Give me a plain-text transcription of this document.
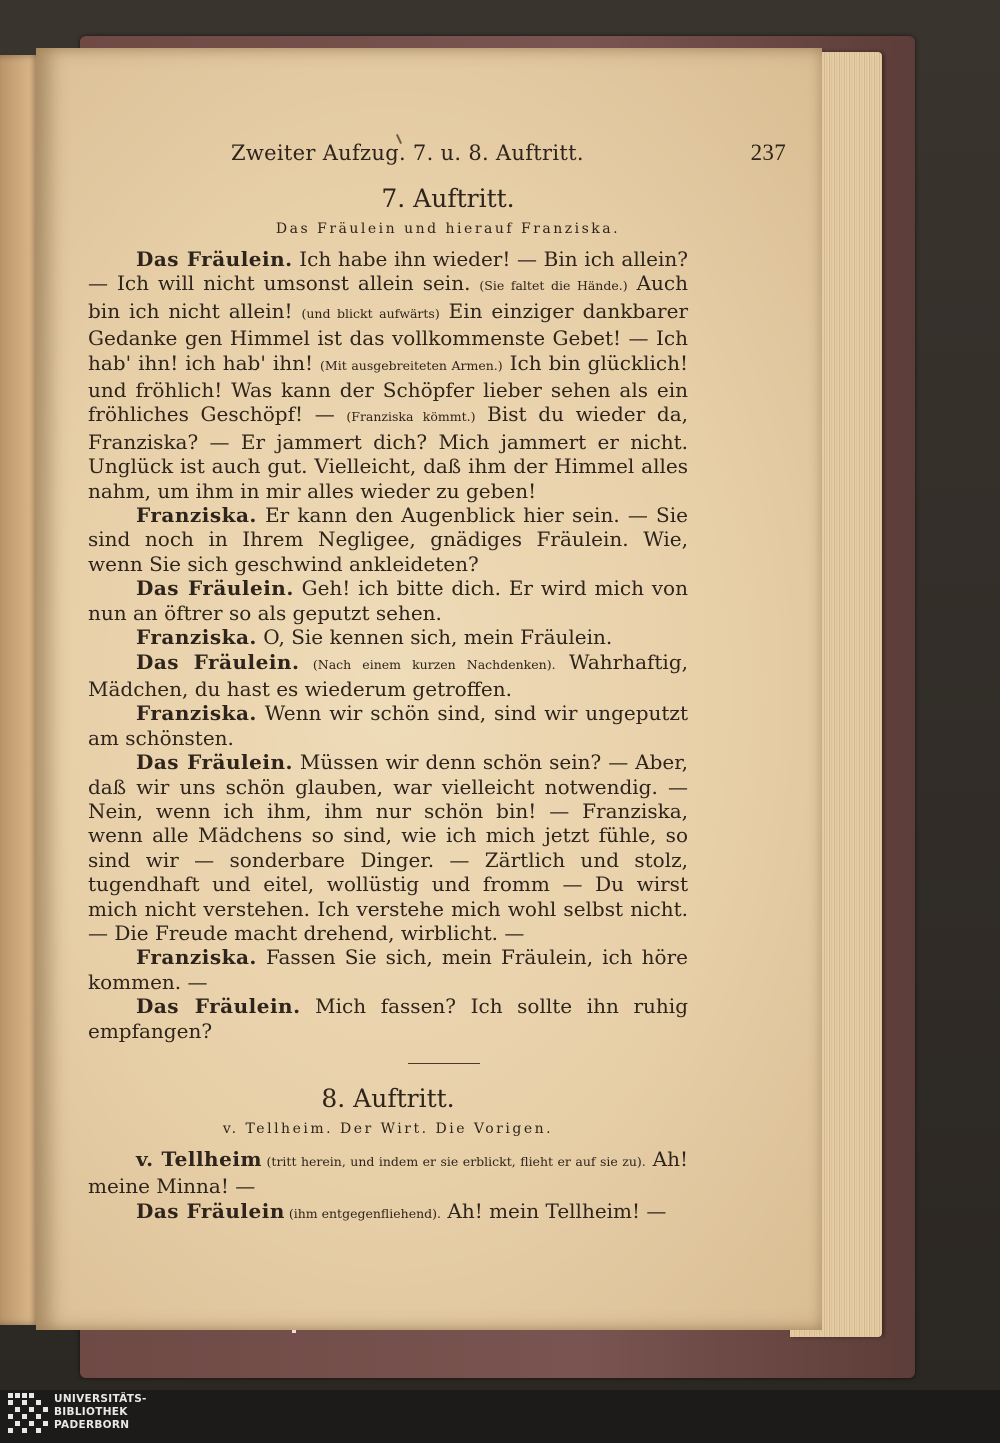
Zweiter Aufzug. 7. u. 8. Auftritt.	237
7. Auftritt.
Das Fräulein und hierauf Franziska.

Das Fräulein. Ich habe ihn wieder! — Bin ich allein? — Ich will nicht umsonst allein sein. (Sie faltet die Hände.) Auch bin ich nicht allein! (und blickt aufwärts) Ein einziger dankbarer Gedanke gen Himmel ist das vollkommenste Gebet! — Ich hab' ihn! ich hab' ihn! (Mit ausgebreiteten Armen.) Ich bin glücklich! und fröhlich! Was kann der Schöpfer lieber sehen als ein fröhliches Geschöpf! — (Franziska kömmt.) Bist du wieder da, Franziska? — Er jammert dich? Mich jammert er nicht. Unglück ist auch gut. Vielleicht, daß ihm der Himmel alles nahm, um ihm in mir alles wieder zu geben!

Franziska. Er kann den Augenblick hier sein. — Sie sind noch in Ihrem Negligee, gnädiges Fräulein. Wie, wenn Sie sich geschwind ankleideten?

Das Fräulein. Geh! ich bitte dich. Er wird mich von nun an öftrer so als geputzt sehen.

Franziska. O, Sie kennen sich, mein Fräulein.

Das Fräulein. (Nach einem kurzen Nachdenken). Wahrhaftig, Mädchen, du hast es wiederum getroffen.

Franziska. Wenn wir schön sind, sind wir ungeputzt am schönsten.

Das Fräulein. Müssen wir denn schön sein? — Aber, daß wir uns schön glauben, war vielleicht notwendig. — Nein, wenn ich ihm, ihm nur schön bin! — Franziska, wenn alle Mädchens so sind, wie ich mich jetzt fühle, so sind wir — sonderbare Dinger. — Zärtlich und stolz, tugendhaft und eitel, wollüstig und fromm — Du wirst mich nicht verstehen. Ich verstehe mich wohl selbst nicht. — Die Freude macht drehend, wirblicht. —

Franziska. Fassen Sie sich, mein Fräulein, ich höre kommen. —

Das Fräulein. Mich fassen? Ich sollte ihn ruhig empfangen?

8. Auftritt.
v. Tellheim. Der Wirt. Die Vorigen.

v. Tellheim (tritt herein, und indem er sie erblickt, flieht er auf sie zu). Ah! meine Minna! —

Das Fräulein (ihm entgegenfliehend). Ah! mein Tellheim! —

UNIVERSITÄTS-
BIBLIOTHEK
PADERBORN
